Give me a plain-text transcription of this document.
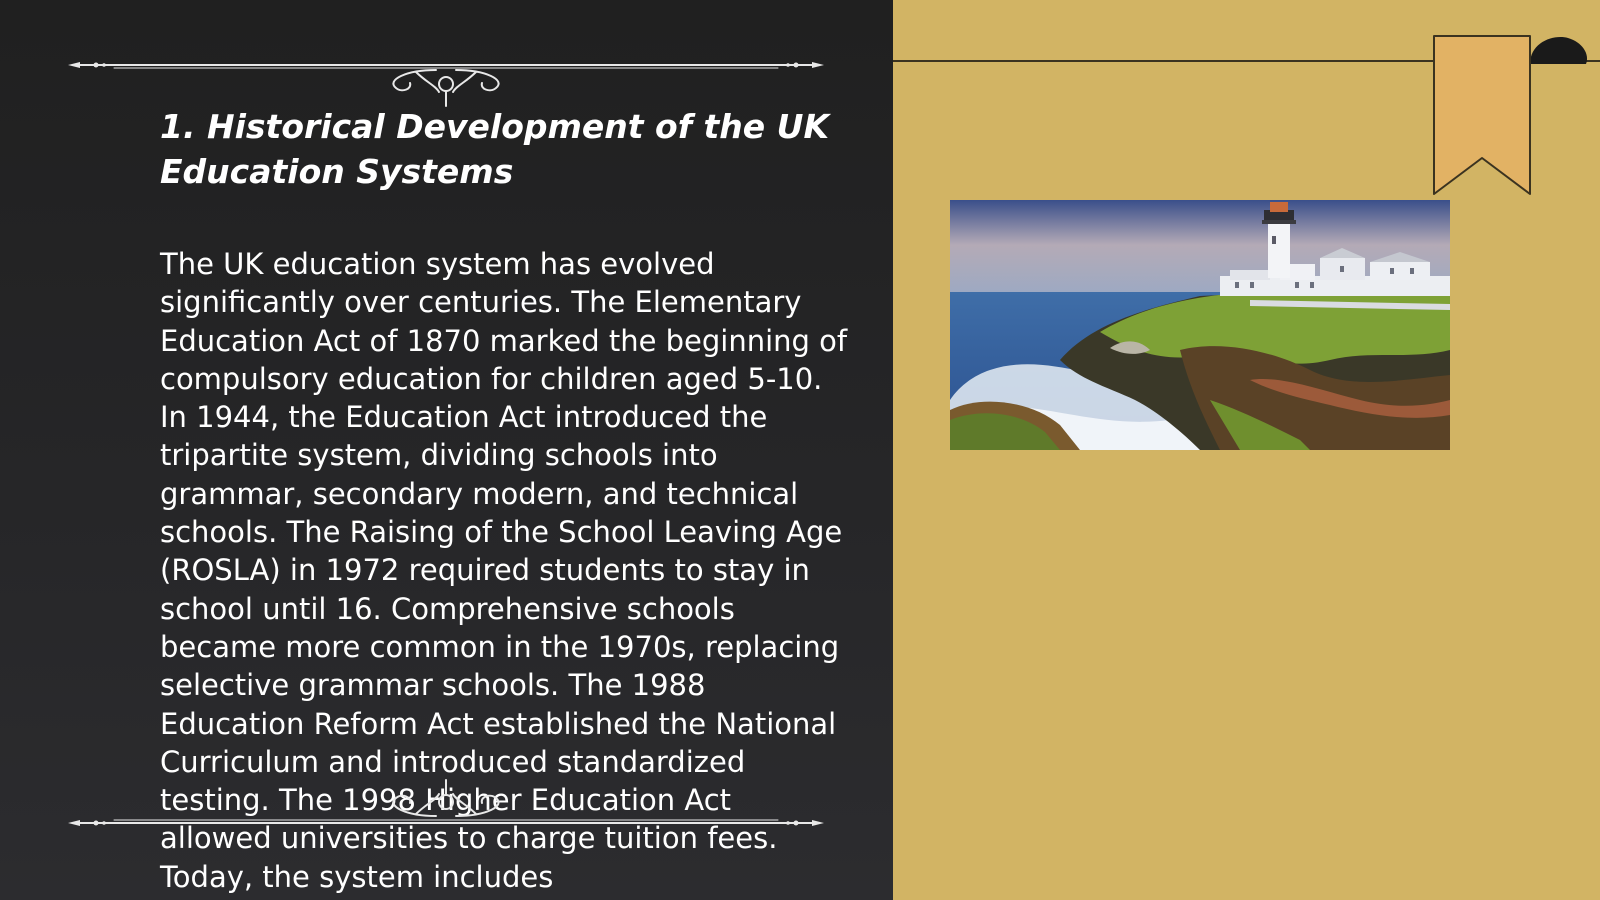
1. Historical Development of the UK Education Systems

The UK education system has evolved significantly over centuries. The Elementary Education Act of 1870 marked the beginning of compulsory education for children aged 5-10. In 1944, the Education Act introduced the tripartite system, dividing schools into grammar, secondary modern, and technical schools. The Raising of the School Leaving Age (ROSLA) in 1972 required students to stay in school until 16. Comprehensive schools became more common in the 1970s, replacing selective grammar schools. The 1988 Education Reform Act established the National Curriculum and introduced standardized testing. The 1998 Higher Education Act allowed universities to charge tuition fees. Today, the system includes
